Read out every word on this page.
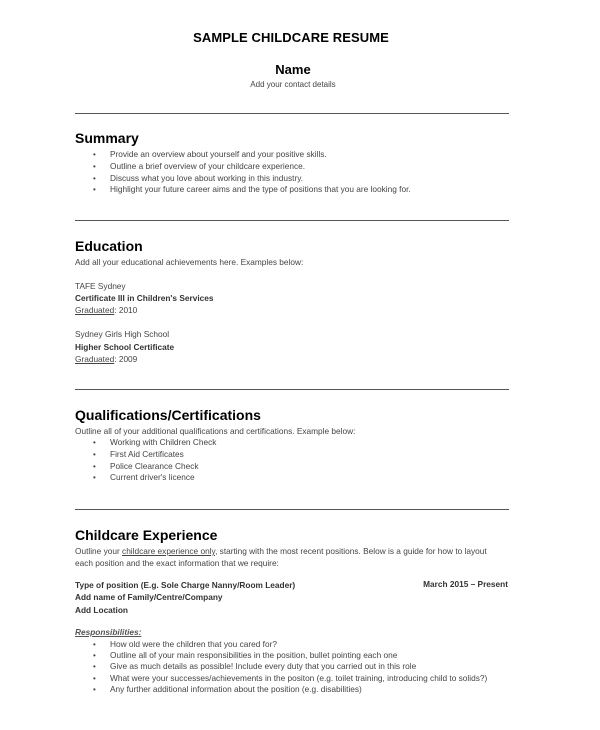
SAMPLE CHILDCARE RESUME
Name
Add your contact details
Summary
• Provide an overview about yourself and your positive skills.
• Outline a brief overview of your childcare experience.
• Discuss what you love about working in this industry.
• Highlight your future career aims and the type of positions that you are looking for.
Education
Add all your educational achievements here. Examples below:
TAFE Sydney
Certificate III in Children's Services
Graduated: 2010
Sydney Girls High School
Higher School Certificate
Graduated: 2009
Qualifications/Certifications
Outline all of your additional qualifications and certifications. Example below:
• Working with Children Check
• First Aid Certificates
• Police Clearance Check
• Current driver's licence
Childcare Experience
Outline your childcare experience only, starting with the most recent positions. Below is a guide for how to layout
each position and the exact information that we require:
Type of position (E.g. Sole Charge Nanny/Room Leader)	March 2015 – Present
Add name of Family/Centre/Company
Add Location
Responsibilities:
• How old were the children that you cared for?
• Outline all of your main responsibilities in the position, bullet pointing each one
• Give as much details as possible! Include every duty that you carried out in this role
• What were your successes/achievements in the positon (e.g. toilet training, introducing child to solids?)
• Any further additional information about the position (e.g. disabilities)
